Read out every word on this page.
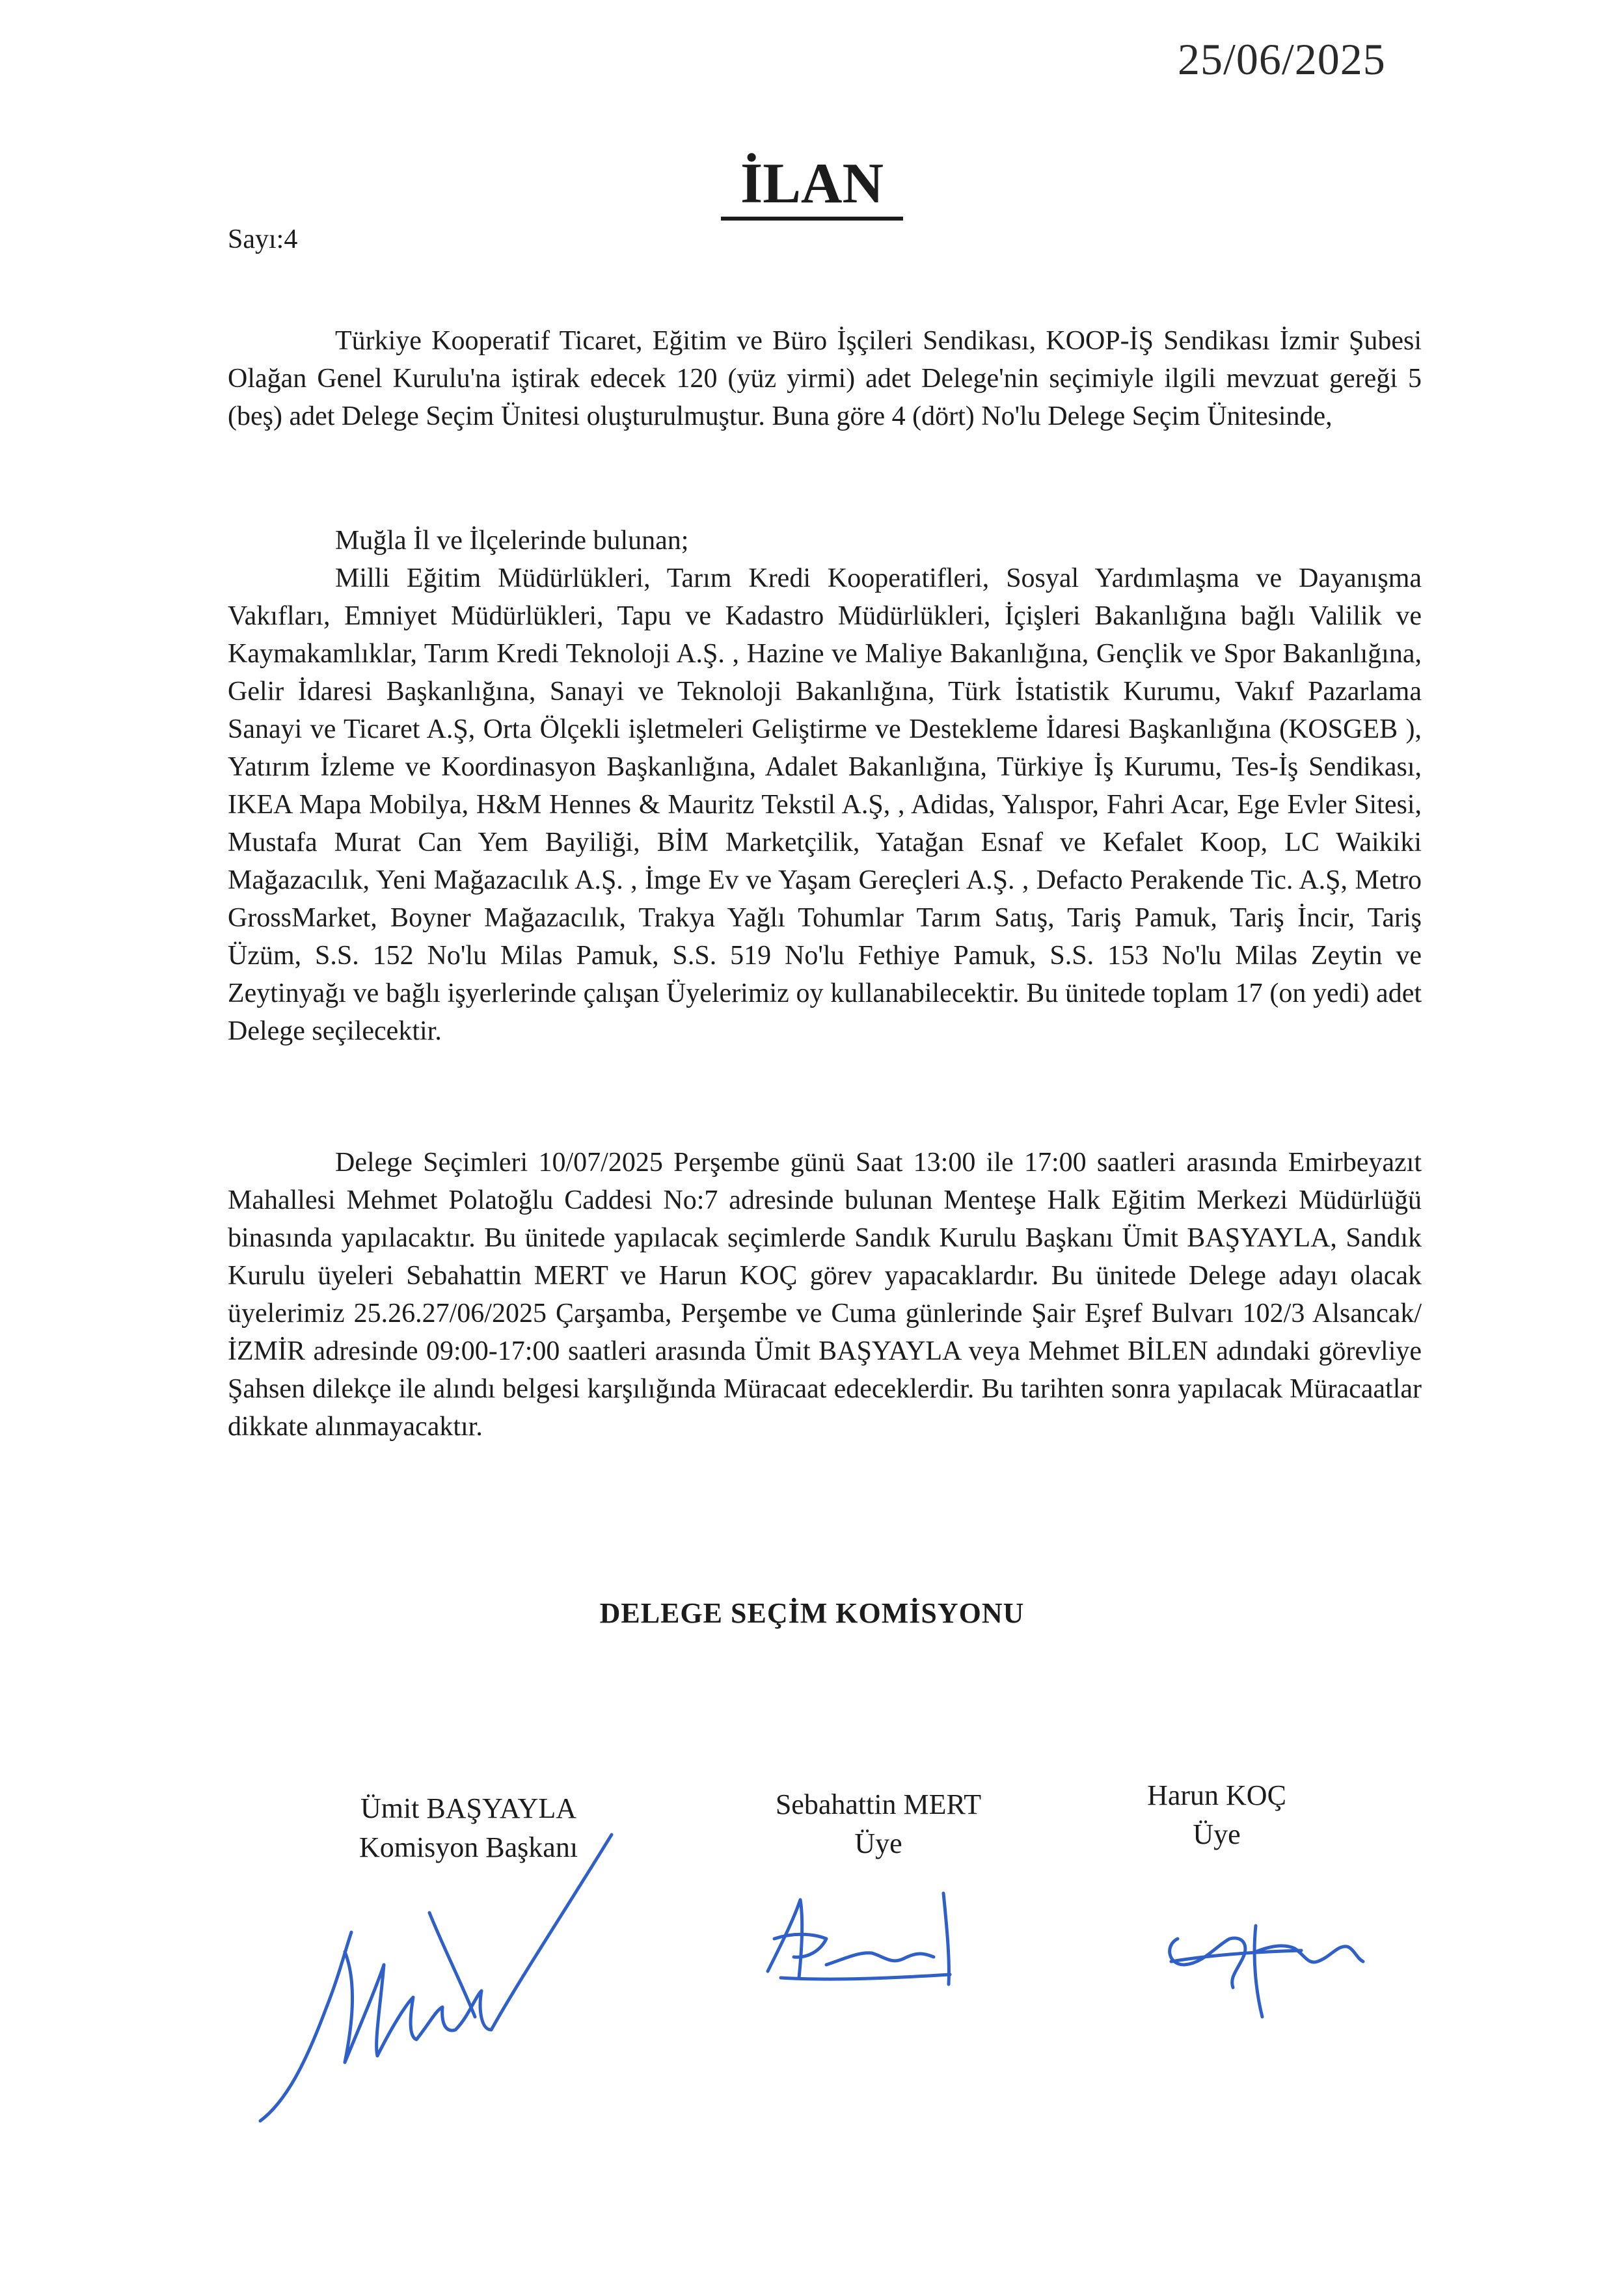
25/06/2025
İLAN
Sayı:4
Türkiye Kooperatif Ticaret, Eğitim ve Büro İşçileri Sendikası, KOOP-İŞ Sendikası İzmir Şubesi Olağan Genel Kurulu'na iştirak edecek 120 (yüz yirmi) adet Delege'nin seçimiyle ilgili mevzuat gereği 5 (beş) adet Delege Seçim Ünitesi oluşturulmuştur. Buna göre 4 (dört) No'lu Delege Seçim Ünitesinde,
Muğla İl ve İlçelerinde bulunan;
Milli Eğitim Müdürlükleri, Tarım Kredi Kooperatifleri, Sosyal Yardımlaşma ve Dayanışma Vakıfları, Emniyet Müdürlükleri, Tapu ve Kadastro Müdürlükleri, İçişleri Bakanlığına bağlı Valilik ve Kaymakamlıklar, Tarım Kredi Teknoloji A.Ş. , Hazine ve Maliye Bakanlığına, Gençlik ve Spor Bakanlığına, Gelir İdaresi Başkanlığına, Sanayi ve Teknoloji Bakanlığına, Türk İstatistik Kurumu, Vakıf Pazarlama Sanayi ve Ticaret A.Ş, Orta Ölçekli işletmeleri Geliştirme ve Destekleme İdaresi Başkanlığına (KOSGEB ), Yatırım İzleme ve Koordinasyon Başkanlığına, Adalet Bakanlığına, Türkiye İş Kurumu, Tes-İş Sendikası, IKEA Mapa Mobilya, H&M Hennes & Mauritz Tekstil A.Ş, , Adidas, Yalıspor, Fahri Acar, Ege Evler Sitesi, Mustafa Murat Can Yem Bayiliği, BİM Marketçilik, Yatağan Esnaf ve Kefalet Koop, LC Waikiki Mağazacılık, Yeni Mağazacılık A.Ş. , İmge Ev ve Yaşam Gereçleri A.Ş. , Defacto Perakende Tic. A.Ş, Metro GrossMarket, Boyner Mağazacılık, Trakya Yağlı Tohumlar Tarım Satış, Tariş Pamuk, Tariş İncir, Tariş Üzüm, S.S. 152 No'lu Milas Pamuk, S.S. 519 No'lu Fethiye Pamuk, S.S. 153 No'lu Milas Zeytin ve Zeytinyağı ve bağlı işyerlerinde çalışan Üyelerimiz oy kullanabilecektir. Bu ünitede toplam 17 (on yedi) adet Delege seçilecektir.
Delege Seçimleri 10/07/2025 Perşembe günü Saat 13:00 ile 17:00 saatleri arasında Emirbeyazıt Mahallesi Mehmet Polatoğlu Caddesi No:7 adresinde bulunan Menteşe Halk Eğitim Merkezi Müdürlüğü binasında yapılacaktır. Bu ünitede yapılacak seçimlerde Sandık Kurulu Başkanı Ümit BAŞYAYLA, Sandık Kurulu üyeleri Sebahattin MERT ve Harun KOÇ görev yapacaklardır. Bu ünitede Delege adayı olacak üyelerimiz 25.26.27/06/2025 Çarşamba, Perşembe ve Cuma günlerinde Şair Eşref Bulvarı 102/3 Alsancak/İZMİR adresinde 09:00-17:00 saatleri arasında Ümit BAŞYAYLA veya Mehmet BİLEN adındaki görevliye Şahsen dilekçe ile alındı belgesi karşılığında Müracaat edeceklerdir. Bu tarihten sonra yapılacak Müracaatlar dikkate alınmayacaktır.
DELEGE SEÇİM KOMİSYONU
Ümit BAŞYAYLA
Komisyon Başkanı
Sebahattin MERT
Üye
Harun KOÇ
Üye
